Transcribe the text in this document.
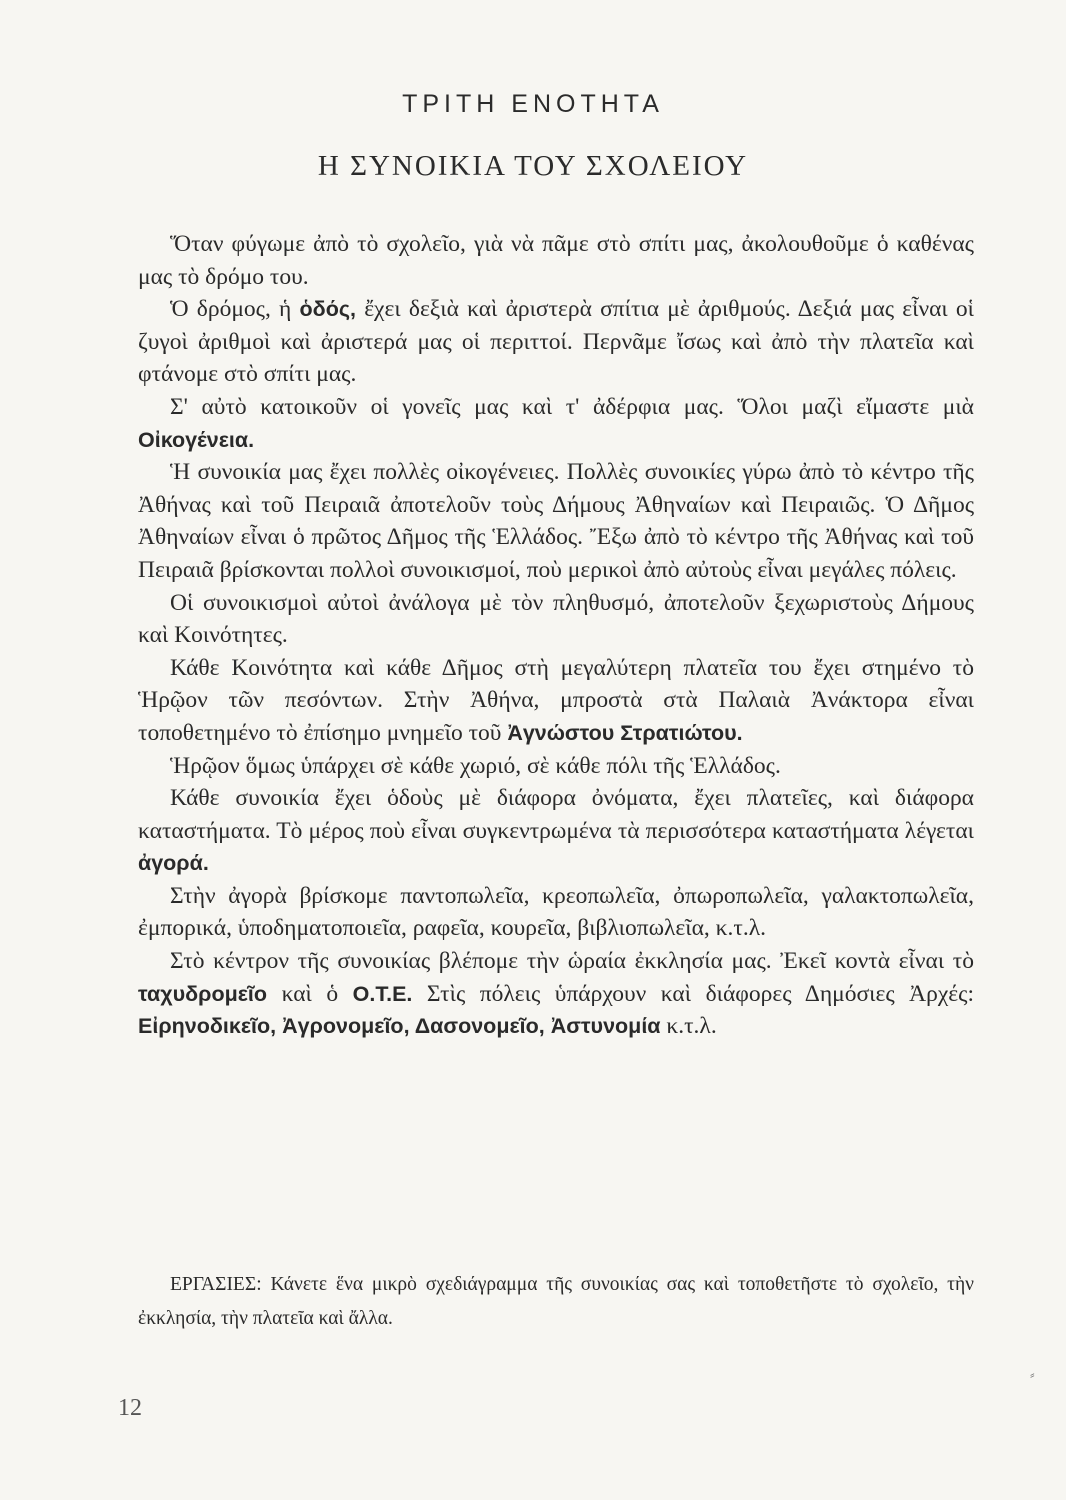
ΤΡΙΤΗ ΕΝΟΤΗΤΑ
Η ΣΥΝΟΙΚΙΑ ΤΟΥ ΣΧΟΛΕΙΟΥ

Ὅταν φύγωμε ἀπὸ τὸ σχολεῖο, γιὰ νὰ πᾶμε στὸ σπίτι μας, ἀκολουθοῦμε ὁ καθένας μας τὸ δρόμο του.

Ὁ δρόμος, ἡ ὁδός, ἔχει δεξιὰ καὶ ἀριστερὰ σπίτια μὲ ἀριθμούς. Δεξιά μας εἶναι οἱ ζυγοὶ ἀριθμοὶ καὶ ἀριστερά μας οἱ περιττοί. Περνᾶμε ἴσως καὶ ἀπὸ τὴν πλατεῖα καὶ φτάνομε στὸ σπίτι μας.

Σ' αὐτὸ κατοικοῦν οἱ γονεῖς μας καὶ τ' ἀδέρφια μας. Ὅλοι μαζὶ εἴμαστε μιὰ Οἰκογένεια.

Ἡ συνοικία μας ἔχει πολλὲς οἰκογένειες. Πολλὲς συνοικίες γύρω ἀπὸ τὸ κέντρο τῆς Ἀθήνας καὶ τοῦ Πειραιᾶ ἀποτελοῦν τοὺς Δήμους Ἀθηναίων καὶ Πειραιῶς. Ὁ Δῆμος Ἀθηναίων εἶναι ὁ πρῶτος Δῆμος τῆς Ἑλλάδος. Ἔξω ἀπὸ τὸ κέντρο τῆς Ἀθήνας καὶ τοῦ Πειραιᾶ βρίσκονται πολλοὶ συνοικισμοί, ποὺ μερικοὶ ἀπὸ αὐτοὺς εἶναι μεγάλες πόλεις.

Οἱ συνοικισμοὶ αὐτοὶ ἀνάλογα μὲ τὸν πληθυσμό, ἀποτελοῦν ξεχωριστοὺς Δήμους καὶ Κοινότητες.

Κάθε Κοινότητα καὶ κάθε Δῆμος στὴ μεγαλύτερη πλατεῖα του ἔχει στημένο τὸ Ἡρῷον τῶν πεσόντων. Στὴν Ἀθήνα, μπροστὰ στὰ Παλαιὰ Ἀνάκτορα εἶναι τοποθετημένο τὸ ἐπίσημο μνημεῖο τοῦ Ἀγνώστου Στρατιώτου.

Ἡρῷον ὅμως ὑπάρχει σὲ κάθε χωριό, σὲ κάθε πόλι τῆς Ἑλλάδος.

Κάθε συνοικία ἔχει ὁδοὺς μὲ διάφορα ὀνόματα, ἔχει πλατεῖες, καὶ διάφορα καταστήματα. Τὸ μέρος ποὺ εἶναι συγκεντρωμένα τὰ περισσότερα καταστήματα λέγεται ἀγορά.

Στὴν ἀγορὰ βρίσκομε παντοπωλεῖα, κρεοπωλεῖα, ὀπωροπωλεῖα, γαλακτοπωλεῖα, ἐμπορικά, ὑποδηματοποιεῖα, ραφεῖα, κουρεῖα, βιβλιοπωλεῖα, κ.τ.λ.

Στὸ κέντρον τῆς συνοικίας βλέπομε τὴν ὡραία ἐκκλησία μας. Ἐκεῖ κοντὰ εἶναι τὸ ταχυδρομεῖο καὶ ὁ Ο.Τ.Ε. Στὶς πόλεις ὑπάρχουν καὶ διάφορες Δημόσιες Ἀρχές: Εἰρηνοδικεῖο, Ἀγρονομεῖο, Δασονομεῖο, Ἀστυνομία κ.τ.λ.

ΕΡΓΑΣΙΕΣ: Κάνετε ἕνα μικρὸ σχεδιάγραμμα τῆς συνοικίας σας καὶ τοποθετῆστε τὸ σχολεῖο, τὴν ἐκκλησία, τὴν πλατεῖα καὶ ἄλλα.

⸗
12
